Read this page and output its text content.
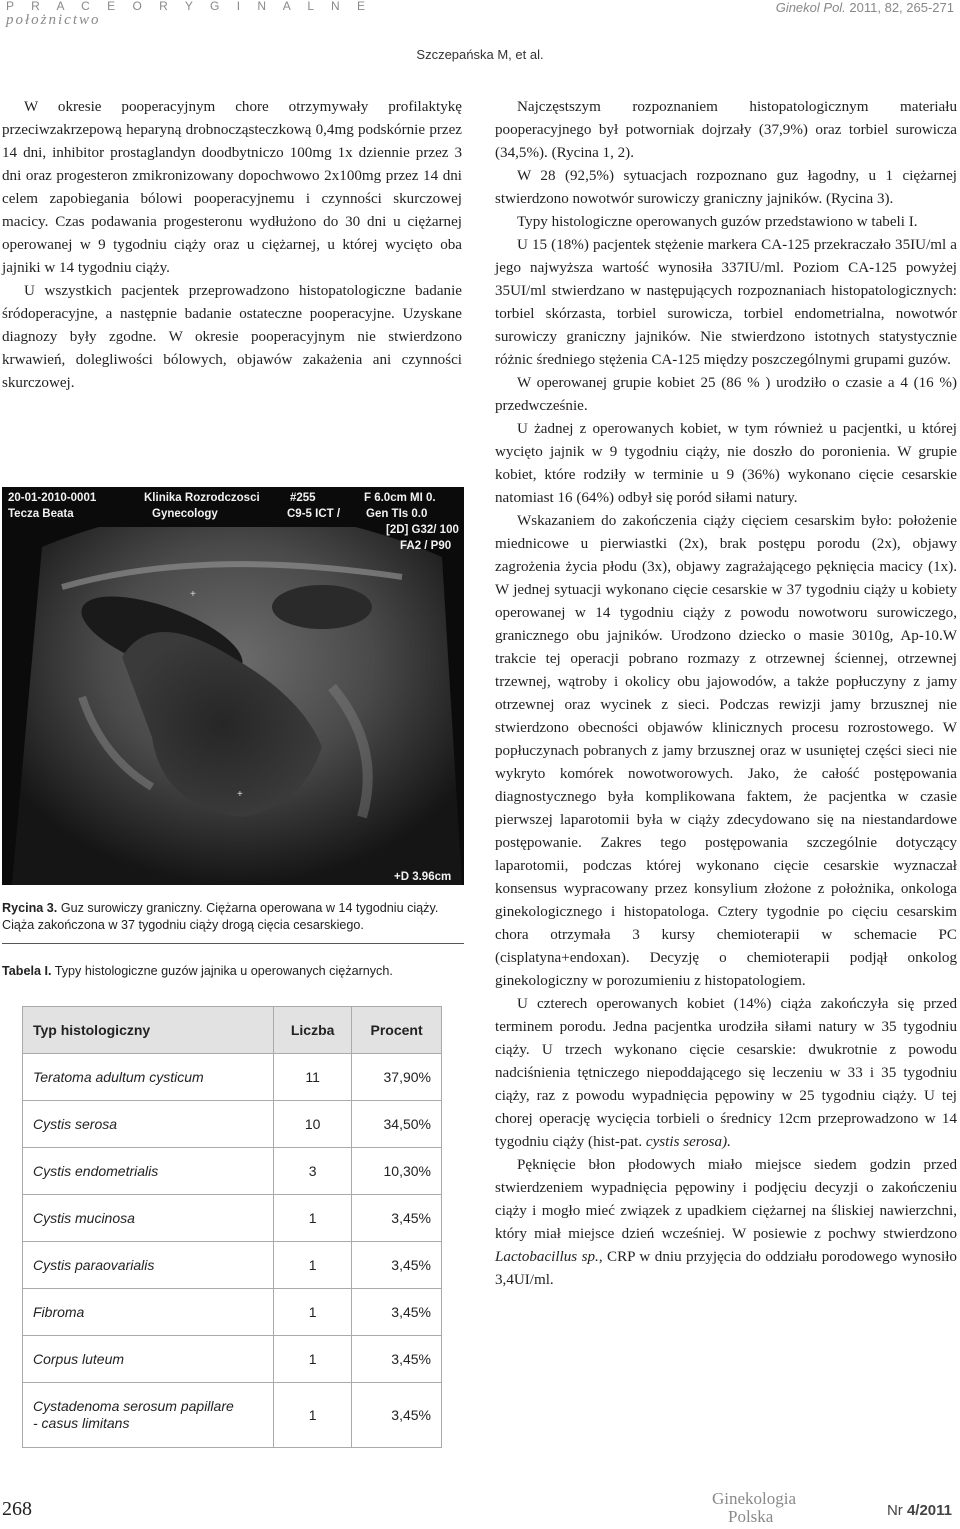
P R A C E O R Y G I N A L N E
położnictwo
Ginekol Pol. 2011, 82, 265-271
Szczepańska M, et al.

W okresie pooperacyjnym chore otrzymywały profilaktykę przeciwzakrzepową heparyną drobnocząsteczkową 0,4mg podskórnie przez 14 dni, inhibitor prostaglandyn doodbytniczo 100mg 1x dziennie przez 3 dni oraz progesteron zmikronizowany dopochwowo 2x100mg przez 14 dni celem zapobiegania bólowi pooperacyjnemu i czynności skurczowej macicy. Czas podawania progesteronu wydłużono do 30 dni u ciężarnej operowanej w 9 tygodniu ciąży oraz u ciężarnej, u której wycięto oba jajniki w 14 tygodniu ciąży.

U wszystkich pacjentek przeprowadzono histopatologiczne badanie śródoperacyjne, a następnie badanie ostateczne pooperacyjne. Uzyskane diagnozy były zgodne. W okresie pooperacyjnym nie stwierdzono krwawień, dolegliwości bólowych, objawów zakażenia ani czynności skurczowej.

+
+
20-01-2010-0001
Tecza Beata
Klinika Rozrodczosci
Gynecology
#255
C9-5 ICT /
F 6.0cm MI 0.
Gen TIs 0.0
[2D] G32/ 100
FA2 / P90
+D 3.96cm
Rycina 3. Guz surowiczy graniczny. Ciężarna operowana w 14 tygodniu ciąży. Ciąża zakończona w 37 tygodniu ciąży drogą cięcia cesarskiego.
Tabela I. Typy histologiczne guzów jajnika u operowanych ciężarnych.
Typ histologiczny	Liczba	Procent
Teratoma adultum cysticum	11	37,90%
Cystis serosa	10	34,50%
Cystis endometrialis	3	10,30%
Cystis mucinosa	1	3,45%
Cystis paraovarialis	1	3,45%
Fibroma	1	3,45%
Corpus luteum	1	3,45%
Cystadenoma serosum papillare
- casus limitans	1	3,45%

Najczęstszym rozpoznaniem histopatologicznym materiału pooperacyjnego był potworniak dojrzały (37,9%) oraz torbiel surowicza (34,5%). (Rycina 1, 2).

W 28 (92,5%) sytuacjach rozpoznano guz łagodny, u 1 ciężarnej stwierdzono nowotwór surowiczy graniczny jajników. (Rycina 3).

Typy histologiczne operowanych guzów przedstawiono w tabeli I.

U 15 (18%) pacjentek stężenie markera CA-125 przekraczało 35IU/ml a jego najwyższa wartość wynosiła 337IU/ml. Poziom CA-125 powyżej 35UI/ml stwierdzano w następujących rozpoznaniach histopatologicznych: torbiel skórzasta, torbiel surowicza, torbiel endometrialna, nowotwór surowiczy graniczny jajników. Nie stwierdzono istotnych statystycznie różnic średniego stężenia CA-125 między poszczególnymi grupami guzów.

W operowanej grupie kobiet 25 (86 % ) urodziło o czasie a 4 (16 %) przedwcześnie.

U żadnej z operowanych kobiet, w tym również u pacjentki, u której wycięto jajnik w 9 tygodniu ciąży, nie doszło do poronienia. W grupie kobiet, które rodziły w terminie u 9 (36%) wykonano cięcie cesarskie natomiast 16 (64%) odbył się poród siłami natury.

Wskazaniem do zakończenia ciąży cięciem cesarskim było: położenie miednicowe u pierwiastki (2x), brak postępu porodu (2x), objawy zagrożenia życia płodu (3x), objawy zagrażającego pęknięcia macicy (1x). W jednej sytuacji wykonano cięcie cesarskie w 37 tygodniu ciąży u kobiety operowanej w 14 tygodniu ciąży z powodu nowotworu surowiczego, granicznego obu jajników. Urodzono dziecko o masie 3010g, Ap-10.W trakcie tej operacji pobrano rozmazy z otrzewnej ściennej, otrzewnej trzewnej, wątroby i okolicy obu jajowodów, a także popłuczyny z jamy otrzewnej oraz wycinek z sieci. Podczas rewizji jamy brzusznej nie stwierdzono obecności objawów klinicznych procesu rozrostowego. W popłuczynach pobranych z jamy brzusznej oraz w usuniętej części sieci nie wykryto komórek nowotworowych. Jako, że całość postępowania diagnostycznego była komplikowana faktem, że pacjentka w czasie pierwszej laparotomii była w ciąży zdecydowano się na niestandardowe postępowanie. Zakres tego postępowania szczególnie dotyczący laparotomii, podczas której wykonano cięcie cesarskie wyznaczał konsensus wypracowany przez konsylium złożone z położnika, onkologa ginekologicznego i histopatologa. Cztery tygodnie po cięciu cesarskim chora otrzymała 3 kursy chemioterapii w schemacie PC (cisplatyna+endoxan). Decyzję o chemioterapii podjął onkolog ginekologiczny w porozumieniu z histopatologiem.

U czterech operowanych kobiet (14%) ciąża zakończyła się przed terminem porodu. Jedna pacjentka urodziła siłami natury w 35 tygodniu ciąży. U trzech wykonano cięcie cesarskie: dwukrotnie z powodu nadciśnienia tętniczego niepoddającego się leczeniu w 33 i 35 tygodniu ciąży, raz z powodu wypadnięcia pępowiny w 25 tygodniu ciąży. U tej chorej operację wycięcia torbieli o średnicy 12cm przeprowadzono w 14 tygodniu ciąży (hist-pat. cystis serosa).

Pęknięcie błon płodowych miało miejsce siedem godzin przed stwierdzeniem wypadnięcia pępowiny i podjęciu decyzji o zakończeniu ciąży i mogło mieć związek z upadkiem ciężarnej na śliskiej nawierzchni, który miał miejsce dzień wcześniej. W posiewie z pochwy stwierdzono Lactobacillus sp., CRP w dniu przyjęcia do oddziału porodowego wynosiło 3,4UI/ml.

268	Ginekologia
Polska	Nr 4/2011
